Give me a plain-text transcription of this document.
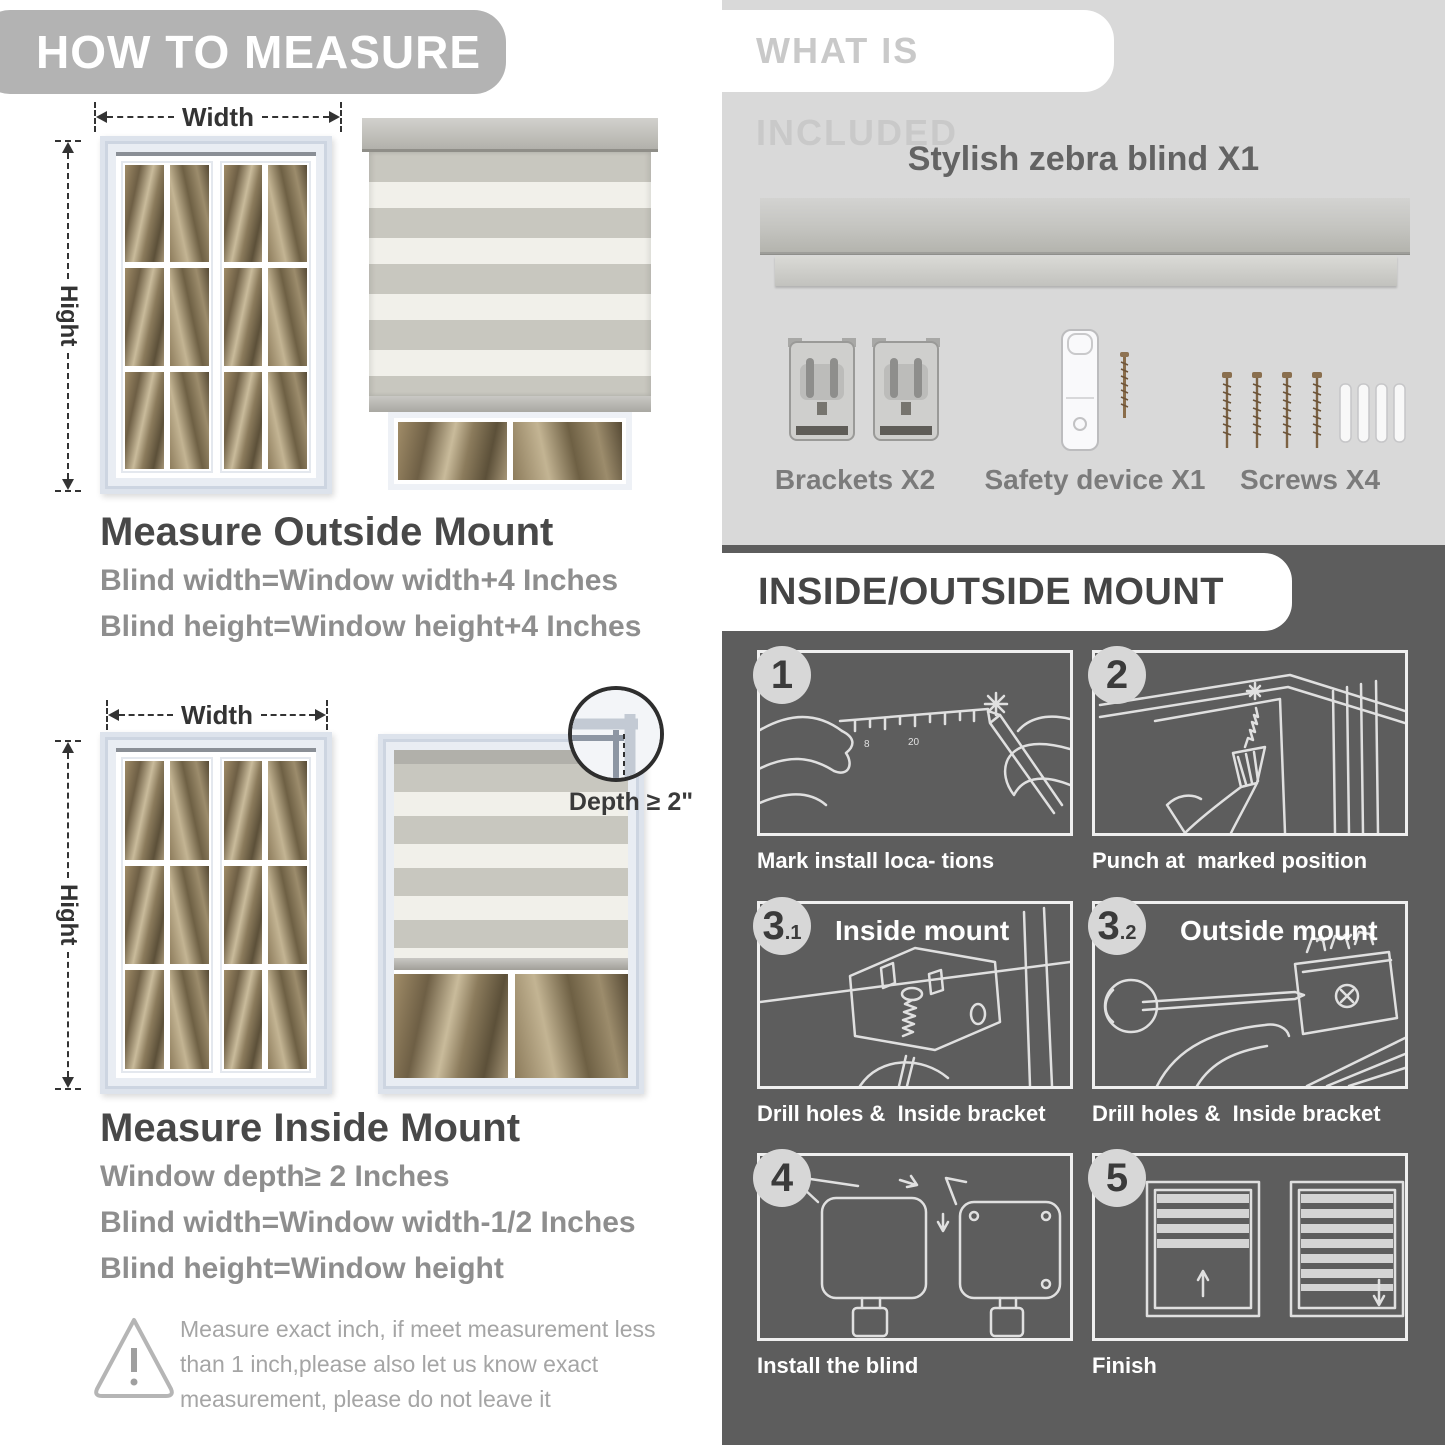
HOW TO MEASURE
Width
Hight
Measure Outside Mount
Blind width=Window width+4 Inches
Blind height=Window height+4 Inches
Width
Hight
Depth ≥ 2"
Measure Inside Mount
Window depth≥ 2 Inches
Blind width=Window width-1/2 Inches
Blind height=Window height
Measure exact inch, if meet measurement less than 1 inch,please also let us know exact measurement, please do not leave it
WHAT IS INCLUDED
Stylish zebra blind X1
Brackets X2	Safety device X1	Screws X4
INSIDE/OUTSIDE MOUNT
8	20
1
Mark install loca- tions
2
Punch at  marked position
3 .1 Inside mount
Drill holes &  Inside bracket
3 .2 Outside mount
Drill holes &  Inside bracket
4
Install the blind
5
Finish
